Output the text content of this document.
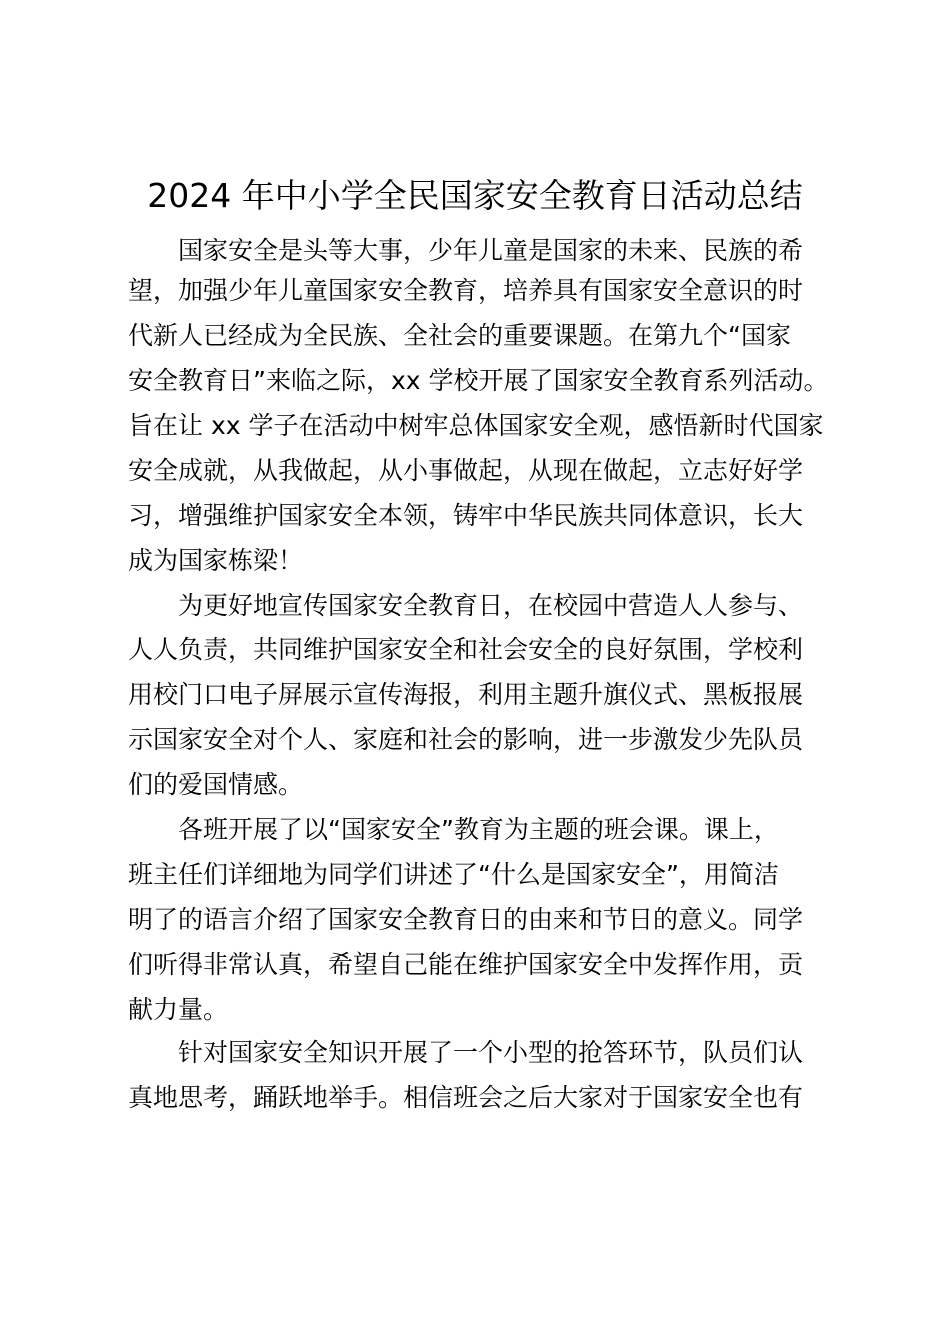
2024 年中小学全民国家安全教育日活动总结
国家安全是头等大事，少年儿童是国家的未来、民族的希
望，加强少年儿童国家安全教育，培养具有国家安全意识的时
代新人已经成为全民族、全社会的重要课题。在第九个“国家
安全教育日”来临之际，xx 学校开展了国家安全教育系列活动。
旨在让 xx 学子在活动中树牢总体国家安全观，感悟新时代国家
安全成就，从我做起，从小事做起，从现在做起，立志好好学
习，增强维护国家安全本领，铸牢中华民族共同体意识，长大
成为国家栋梁！
为更好地宣传国家安全教育日，在校园中营造人人参与、
人人负责，共同维护国家安全和社会安全的良好氛围，学校利
用校门口电子屏展示宣传海报，利用主题升旗仪式、黑板报展
示国家安全对个人、家庭和社会的影响，进一步激发少先队员
们的爱国情感。
各班开展了以“国家安全”教育为主题的班会课。课上，
班主任们详细地为同学们讲述了“什么是国家安全”，用简洁
明了的语言介绍了国家安全教育日的由来和节日的意义。同学
们听得非常认真，希望自己能在维护国家安全中发挥作用，贡
献力量。
针对国家安全知识开展了一个小型的抢答环节，队员们认
真地思考，踊跃地举手。相信班会之后大家对于国家安全也有
